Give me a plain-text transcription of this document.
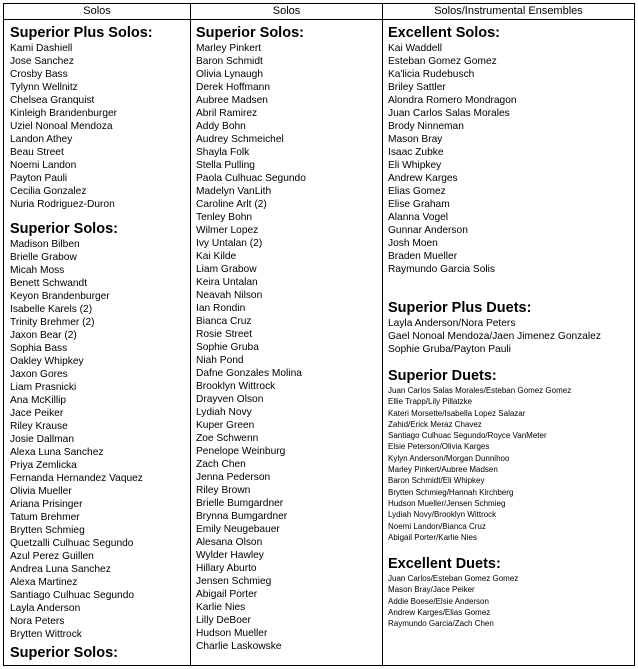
Solos	Solos	Solos/Instrumental Ensembles
Superior Plus Solos:
Kami Dashiell
Jose Sanchez
Crosby Bass
Tylynn Wellnitz
Chelsea Granquist
Kinleigh Brandenburger
Uziel Nonoal Mendoza
Landon Athey
Beau Street
Noemi Landon
Payton Pauli
Cecilia Gonzalez
Nuria Rodriguez-Duron
Superior Solos:
Madison Bilben
Brielle Grabow
Micah Moss
Benett Schwandt
Keyon Brandenburger
Isabelle Karels (2)
Trinity Brehmer (2)
Jaxon Bear (2)
Sophia Bass
Oakley Whipkey
Jaxon Gores
Liam Prasnicki
Ana McKillip
Jace Peiker
Riley Krause
Josie Dallman
Alexa Luna Sanchez
Priya Zemlicka
Fernanda Hernandez Vaquez
Olivia Mueller
Ariana Prisinger
Tatum Brehmer
Brytten Schmieg
Quetzalli Culhuac Segundo
Azul Perez Guillen
Andrea Luna Sanchez
Alexa Martinez
Santiago Culhuac Segundo
Layla Anderson
Nora Peters
Brytten Wittrock
Superior Solos:
Superior Solos:
Marley Pinkert
Baron Schmidt
Olivia Lynaugh
Derek Hoffmann
Aubree Madsen
Abril Ramirez
Addy Bohn
Audrey Schmeichel
Shayla Folk
Stella Pulling
Paola Culhuac Segundo
Madelyn VanLith
Caroline Arlt (2)
Tenley Bohn
Wilmer Lopez
Ivy Untalan (2)
Kai Kilde
Liam Grabow
Keira Untalan
Neavah Nilson
Ian Rondin
Bianca Cruz
Rosie Street
Sophie Gruba
Niah Pond
Dafne Gonzales Molina
Brooklyn Wittrock
Drayven Olson
Lydiah Novy
Kuper Green
Zoe Schwenn
Penelope Weinburg
Zach Chen
Jenna Pederson
Riley Brown
Brielle Bumgardner
Brynna Bumgardner
Emily Neugebauer
Alesana Olson
Wylder Hawley
Hillary Aburto
Jensen Schmieg
Abigail Porter
Karlie Nies
Lilly DeBoer
Hudson Mueller
Charlie Laskowske
Excellent Solos:
Kai Waddell
Esteban Gomez Gomez
Ka'licia Rudebusch
Briley Sattler
Alondra Romero Mondragon
Juan Carlos Salas Morales
Brody Ninneman
Mason Bray
Isaac Zubke
Eli Whipkey
Andrew Karges
Elias Gomez
Elise Graham
Alanna Vogel
Gunnar Anderson
Josh Moen
Braden Mueller
Raymundo Garcia Solis
Superior Plus Duets:
Layla Anderson/Nora Peters
Gael Nonoal Mendoza/Jaen Jimenez Gonzalez
Sophie Gruba/Payton Pauli
Superior Duets:
Juan Carlos Salas Morales/Esteban Gomez Gomez
Ellie Trapp/Lily Pillatzke
Kateri Morsette/Isabella Lopez Salazar
Zahid/Erick Meraz Chavez
Santiago Culhuac Segundo/Royce VanMeter
Elsie Peterson/Olivia Karges
Kylyn Anderson/Morgan Dunnihoo
Marley Pinkert/Aubree Madsen
Baron Schmidt/Eli Whipkey
Brytten Schmieg/Hannah Kirchberg
Hudson Mueller/Jensen Schmieg
Lydiah Novy/Brooklyn Wittrock
Noemi Landon/Bianca Cruz
Abigail Porter/Karlie Nies
Excellent Duets:
Juan Carlos/Esteban Gomez Gomez
Mason Bray/Jace Peiker
Addie Boese/Elsie Anderson
Andrew Karges/Elias Gomez
Raymundo Garcia/Zach Chen
